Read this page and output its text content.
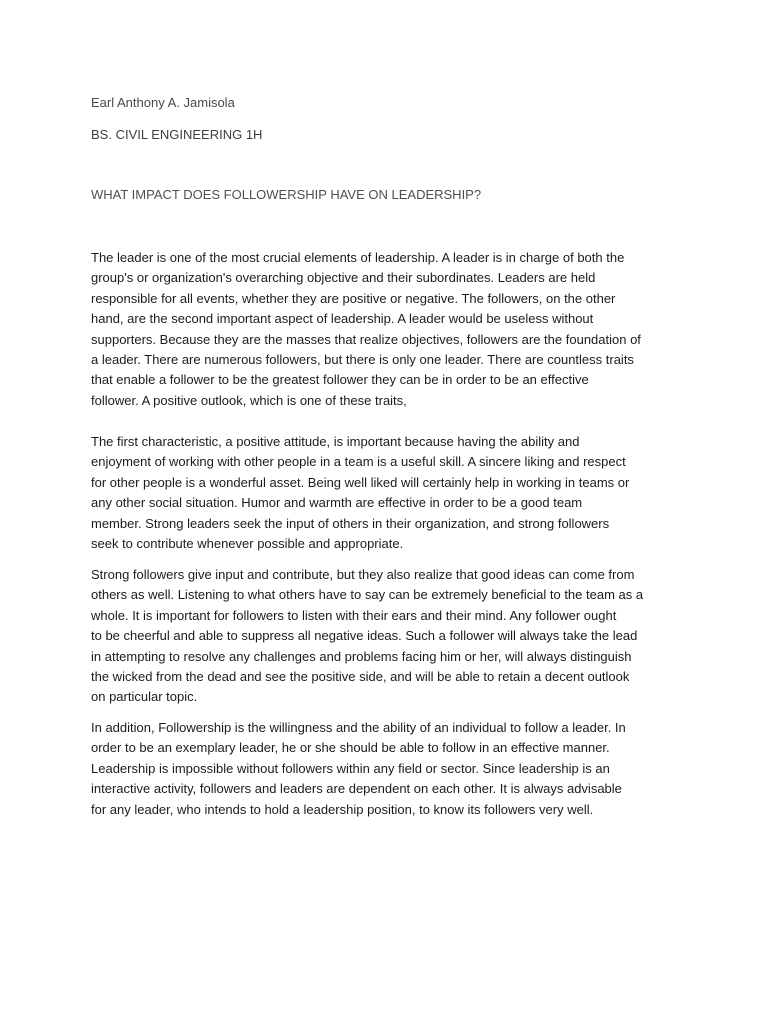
Earl Anthony A. Jamisola
BS. CIVIL ENGINEERING 1H
WHAT IMPACT DOES FOLLOWERSHIP HAVE ON LEADERSHIP?
The leader is one of the most crucial elements of leadership. A leader is in charge of both the
group's or organization's overarching objective and their subordinates. Leaders are held
responsible for all events, whether they are positive or negative. The followers, on the other
hand, are the second important aspect of leadership. A leader would be useless without
supporters. Because they are the masses that realize objectives, followers are the foundation of
a leader. There are numerous followers, but there is only one leader. There are countless traits
that enable a follower to be the greatest follower they can be in order to be an effective
follower. A positive outlook, which is one of these traits,
The first characteristic, a positive attitude, is important because having the ability and
enjoyment of working with other people in a team is a useful skill. A sincere liking and respect
for other people is a wonderful asset. Being well liked will certainly help in working in teams or
any other social situation. Humor and warmth are effective in order to be a good team
member. Strong leaders seek the input of others in their organization, and strong followers
seek to contribute whenever possible and appropriate.
Strong followers give input and contribute, but they also realize that good ideas can come from
others as well. Listening to what others have to say can be extremely beneficial to the team as a
whole. It is important for followers to listen with their ears and their mind. Any follower ought
to be cheerful and able to suppress all negative ideas. Such a follower will always take the lead
in attempting to resolve any challenges and problems facing him or her, will always distinguish
the wicked from the dead and see the positive side, and will be able to retain a decent outlook
on particular topic.
In addition, Followership is the willingness and the ability of an individual to follow a leader. In
order to be an exemplary leader, he or she should be able to follow in an effective manner.
Leadership is impossible without followers within any field or sector. Since leadership is an
interactive activity, followers and leaders are dependent on each other. It is always advisable
for any leader, who intends to hold a leadership position, to know its followers very well.
